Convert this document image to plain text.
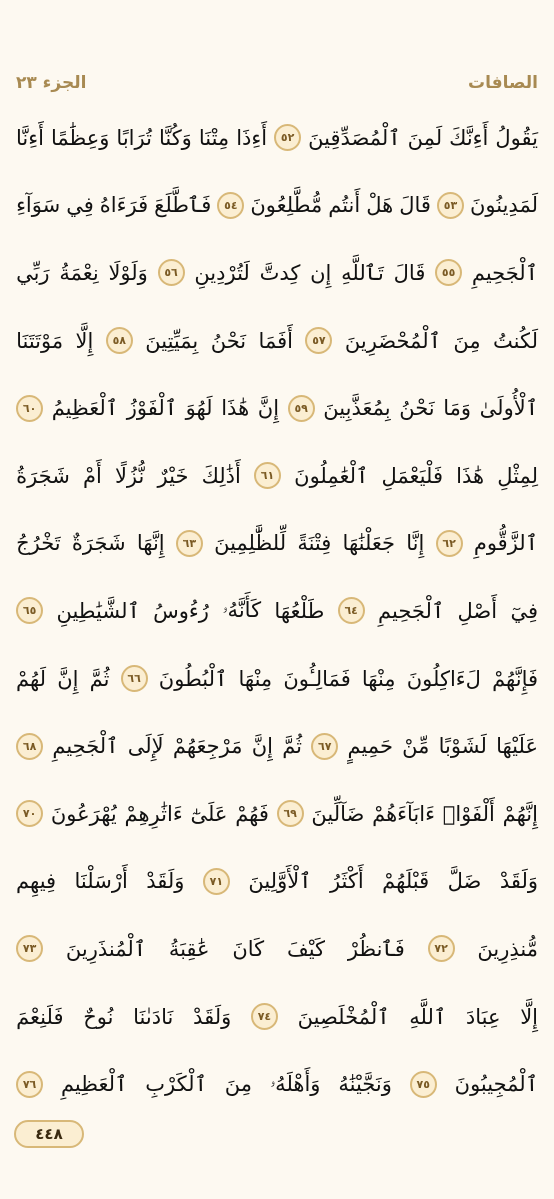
الجزء ٢٣	الصافات
يَقُولُ
أَءِنَّكَ
لَمِنَ
ٱلْمُصَدِّقِينَ
٥٢
أَءِذَا
مِتْنَا
وَكُنَّا
تُرَابًا
وَعِظَٰمًا
أَءِنَّا
لَمَدِينُونَ
٥٣
قَالَ
هَلْ
أَنتُم
مُّطَّلِعُونَ
٥٤
فَٱطَّلَعَ
فَرَءَاهُ
فِي
سَوَآءِ
ٱلْجَحِيمِ
٥٥
قَالَ
تَٱللَّهِ
إِن
كِدتَّ
لَتُرْدِينِ
٥٦
وَلَوْلَا
نِعْمَةُ
رَبِّي
لَكُنتُ
مِنَ
ٱلْمُحْضَرِينَ
٥٧
أَفَمَا
نَحْنُ
بِمَيِّتِينَ
٥٨
إِلَّا
مَوْتَتَنَا
ٱلْأُولَىٰ
وَمَا
نَحْنُ
بِمُعَذَّبِينَ
٥٩
إِنَّ
هَٰذَا
لَهُوَ
ٱلْفَوْزُ
ٱلْعَظِيمُ
٦٠
لِمِثْلِ
هَٰذَا
فَلْيَعْمَلِ
ٱلْعَٰمِلُونَ
٦١
أَذَٰلِكَ
خَيْرٌ
نُّزُلًا
أَمْ
شَجَرَةُ
ٱلزَّقُّومِ
٦٢
إِنَّا
جَعَلْنَٰهَا
فِتْنَةً
لِّلظَّٰلِمِينَ
٦٣
إِنَّهَا
شَجَرَةٌ
تَخْرُجُ
فِيٓ
أَصْلِ
ٱلْجَحِيمِ
٦٤
طَلْعُهَا
كَأَنَّهُۥ
رُءُوسُ
ٱلشَّيَٰطِينِ
٦٥
فَإِنَّهُمْ
لَءَاكِلُونَ
مِنْهَا
فَمَالِـُٔونَ
مِنْهَا
ٱلْبُطُونَ
٦٦
ثُمَّ
إِنَّ
لَهُمْ
عَلَيْهَا
لَشَوْبًا
مِّنْ
حَمِيمٍ
٦٧
ثُمَّ
إِنَّ
مَرْجِعَهُمْ
لَإِلَى
ٱلْجَحِيمِ
٦٨
إِنَّهُمْ
أَلْفَوْا۟
ءَابَآءَهُمْ
ضَآلِّينَ
٦٩
فَهُمْ
عَلَىٰٓ
ءَاثَٰرِهِمْ
يُهْرَعُونَ
٧٠
وَلَقَدْ
ضَلَّ
قَبْلَهُمْ
أَكْثَرُ
ٱلْأَوَّلِينَ
٧١
وَلَقَدْ
أَرْسَلْنَا
فِيهِم
مُّنذِرِينَ
٧٢
فَٱنظُرْ
كَيْفَ
كَانَ
عَٰقِبَةُ
ٱلْمُنذَرِينَ
٧٣
إِلَّا
عِبَادَ
ٱللَّهِ
ٱلْمُخْلَصِينَ
٧٤
وَلَقَدْ
نَادَىٰنَا
نُوحٌ
فَلَنِعْمَ
ٱلْمُجِيبُونَ
٧٥
وَنَجَّيْنَٰهُ
وَأَهْلَهُۥ
مِنَ
ٱلْكَرْبِ
ٱلْعَظِيمِ
٧٦
٤٤٨
